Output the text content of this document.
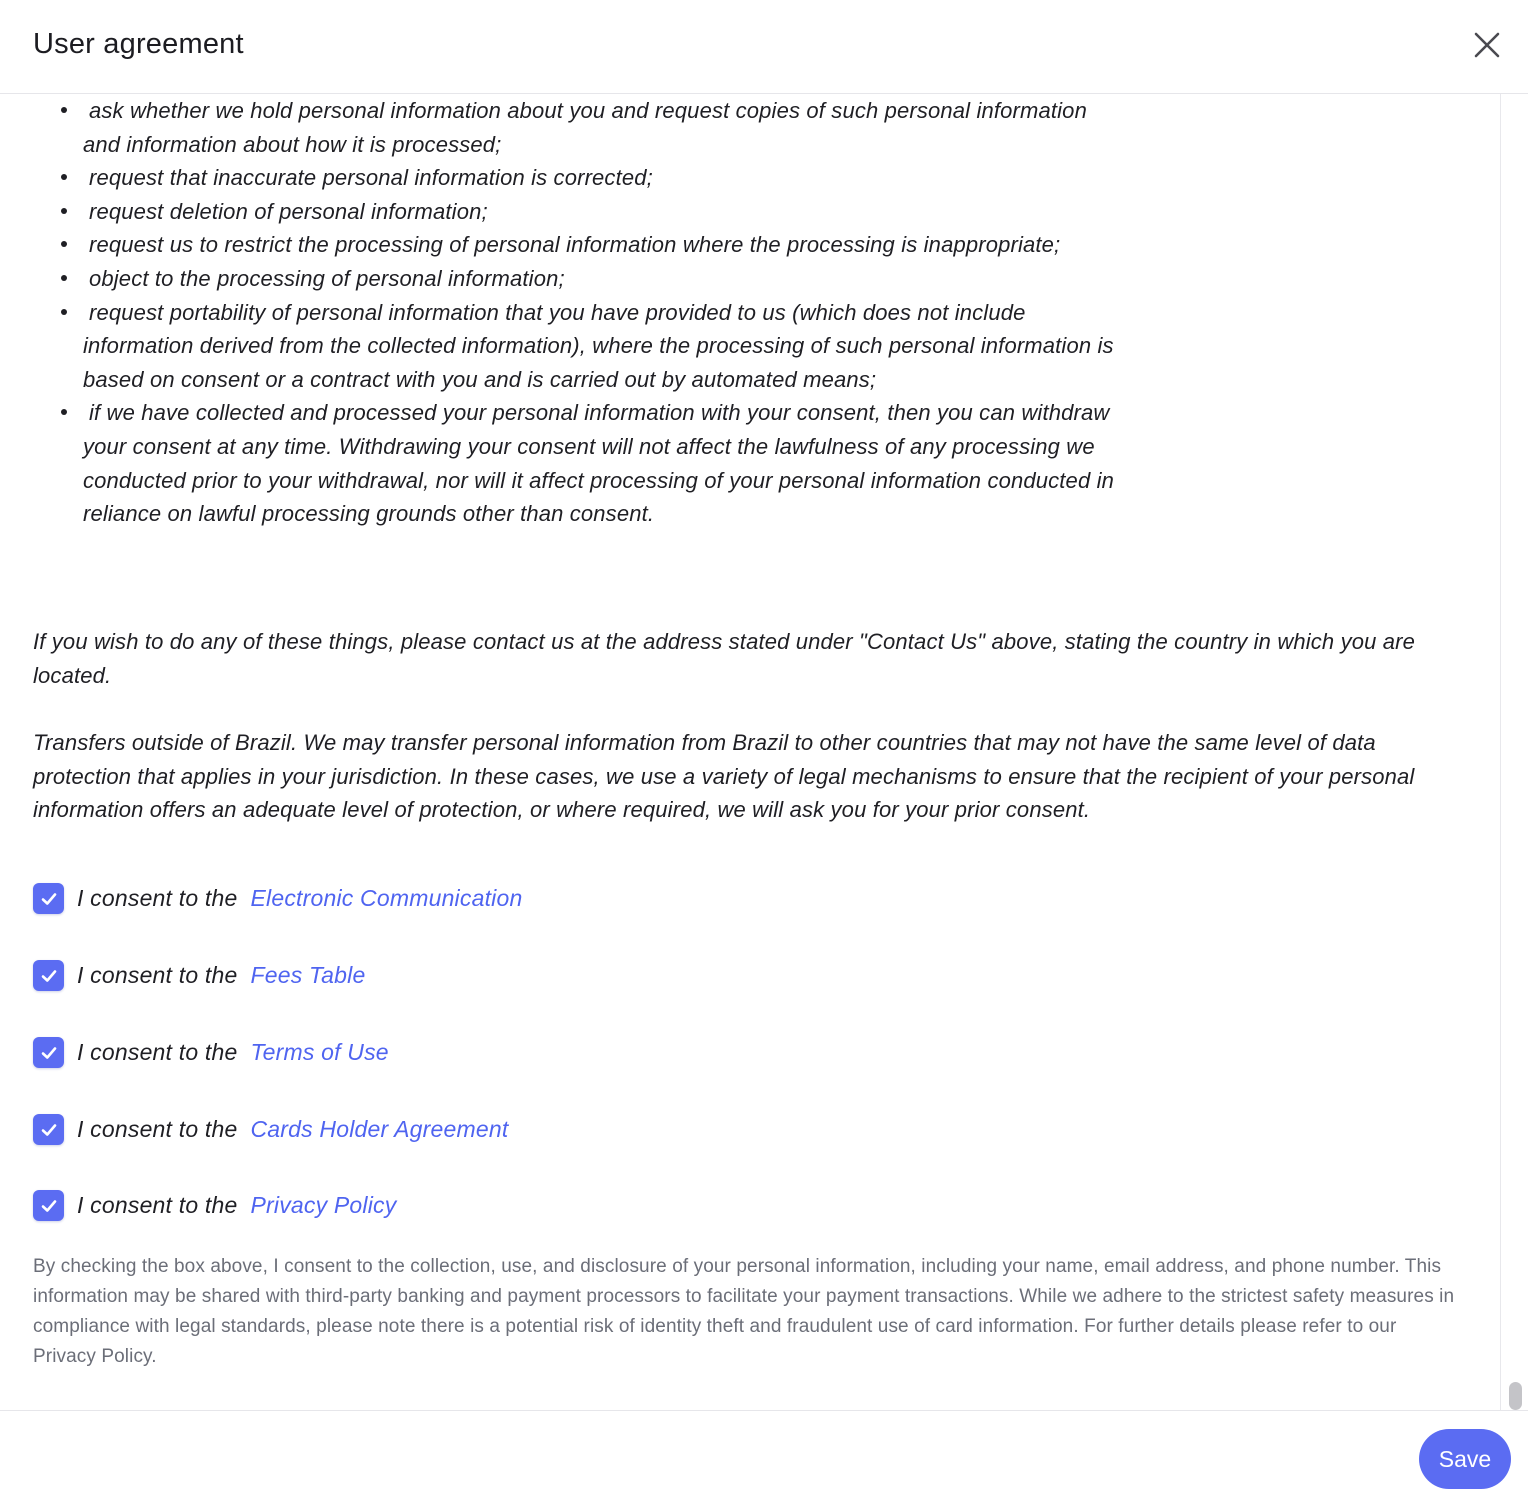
User agreement
ask whether we hold personal information about you and request copies of such personal information and information about how it is processed;
request that inaccurate personal information is corrected;
request deletion of personal information;
request us to restrict the processing of personal information where the processing is inappropriate;
object to the processing of personal information;
request portability of personal information that you have provided to us (which does not include information derived from the collected information), where the processing of such personal information is based on consent or a contract with you and is carried out by automated means;
if we have collected and processed your personal information with your consent, then you can withdraw your consent at any time. Withdrawing your consent will not affect the lawfulness of any processing we conducted prior to your withdrawal, nor will it affect processing of your personal information conducted in reliance on lawful processing grounds other than consent.

If you wish to do any of these things, please contact us at the address stated under "Contact Us" above, stating the country in which you are located.

Transfers outside of Brazil. We may transfer personal information from Brazil to other countries that may not have the same level of data protection that applies in your jurisdiction. In these cases, we use a variety of legal mechanisms to ensure that the recipient of your personal information offers an adequate level of protection, or where required, we will ask you for your prior consent.

I consent to the Electronic Communication
I consent to the Fees Table
I consent to the Terms of Use
I consent to the Cards Holder Agreement
I consent to the Privacy Policy

By checking the box above, I consent to the collection, use, and disclosure of your personal information, including your name, email address, and phone number. This information may be shared with third-party banking and payment processors to facilitate your payment transactions. While we adhere to the strictest safety measures in compliance with legal standards, please note there is a potential risk of identity theft and fraudulent use of card information. For further details please refer to our Privacy Policy.

Save
